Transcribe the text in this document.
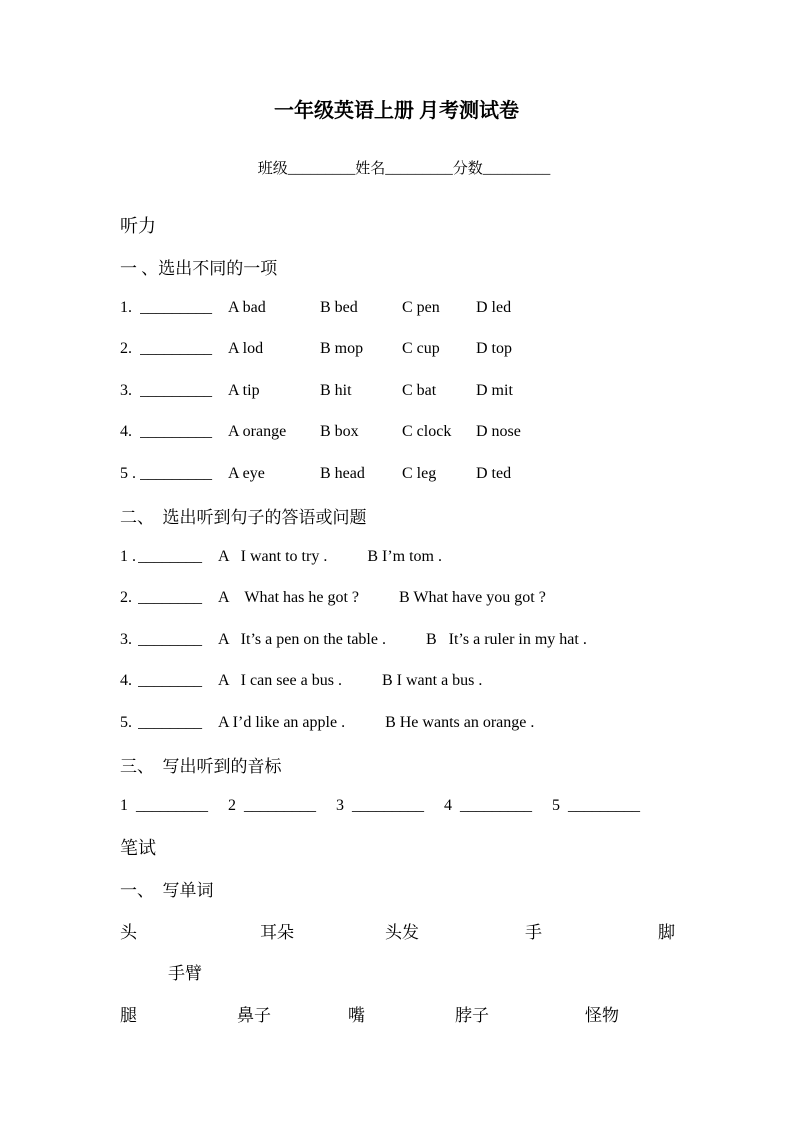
一年级英语上册 月考测试卷

班级_________姓名_________分数_________

听力
一 、选出不同的一项
1. _________	A bad	B bed	C pen	D led
2. _________	A lod	B mop	C cup	D top
3. _________	A tip	B hit	C bat	D mit
4. _________	A orange	B box	C clock	D nose
5 . _________	A eye	B head	C leg	D ted
二、  选出听到句子的答语或问题
1 . ________	A   I want to try .	B I’m tom .
2. ________	A    What has he got ?	B What have you got ?
3. ________	A   It’s a pen on the table .	B   It’s a ruler in my hat .
4. ________	A   I can see a bus .	B I want a bus .
5. ________	A I’d like an apple .	B He wants an orange .
三、  写出听到的音标
1 _________ 2 _________ 3 _________ 4 _________ 5 _________
笔试
一、  写单词
头	耳朵	头发	手	脚
手臂
腿	鼻子	嘴	脖子	怪物
